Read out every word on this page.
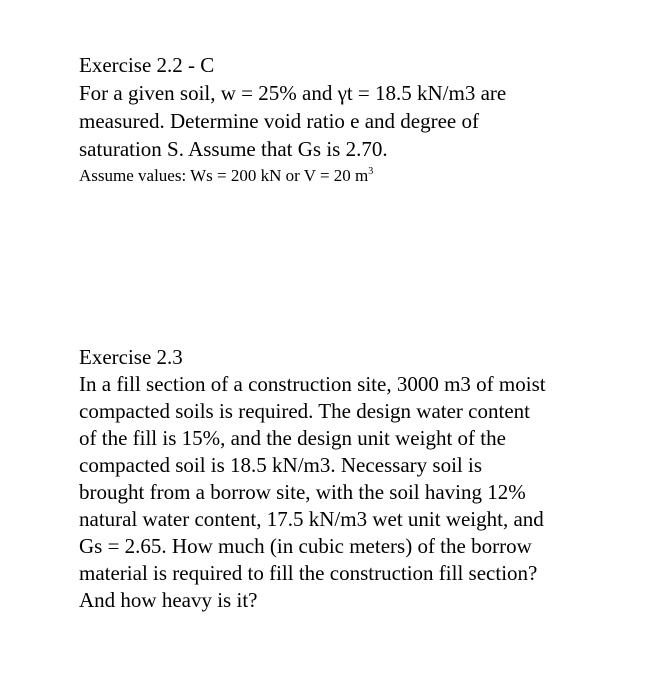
Exercise 2.2 - C

For a given soil, w = 25% and γt = 18.5 kN/m3 are

measured. Determine void ratio e and degree of

saturation S. Assume that Gs is 2.70.

Assume values: Ws = 200 kN or V = 20 $m^3$

Exercise 2.3

In a fill section of a construction site, 3000 m3 of moist

compacted soils is required. The design water content

of the fill is 15%, and the design unit weight of the

compacted soil is 18.5 kN/m3. Necessary soil is

brought from a borrow site, with the soil having 12%

natural water content, 17.5 kN/m3 wet unit weight, and

Gs = 2.65. How much (in cubic meters) of the borrow

material is required to fill the construction fill section?

And how heavy is it?
